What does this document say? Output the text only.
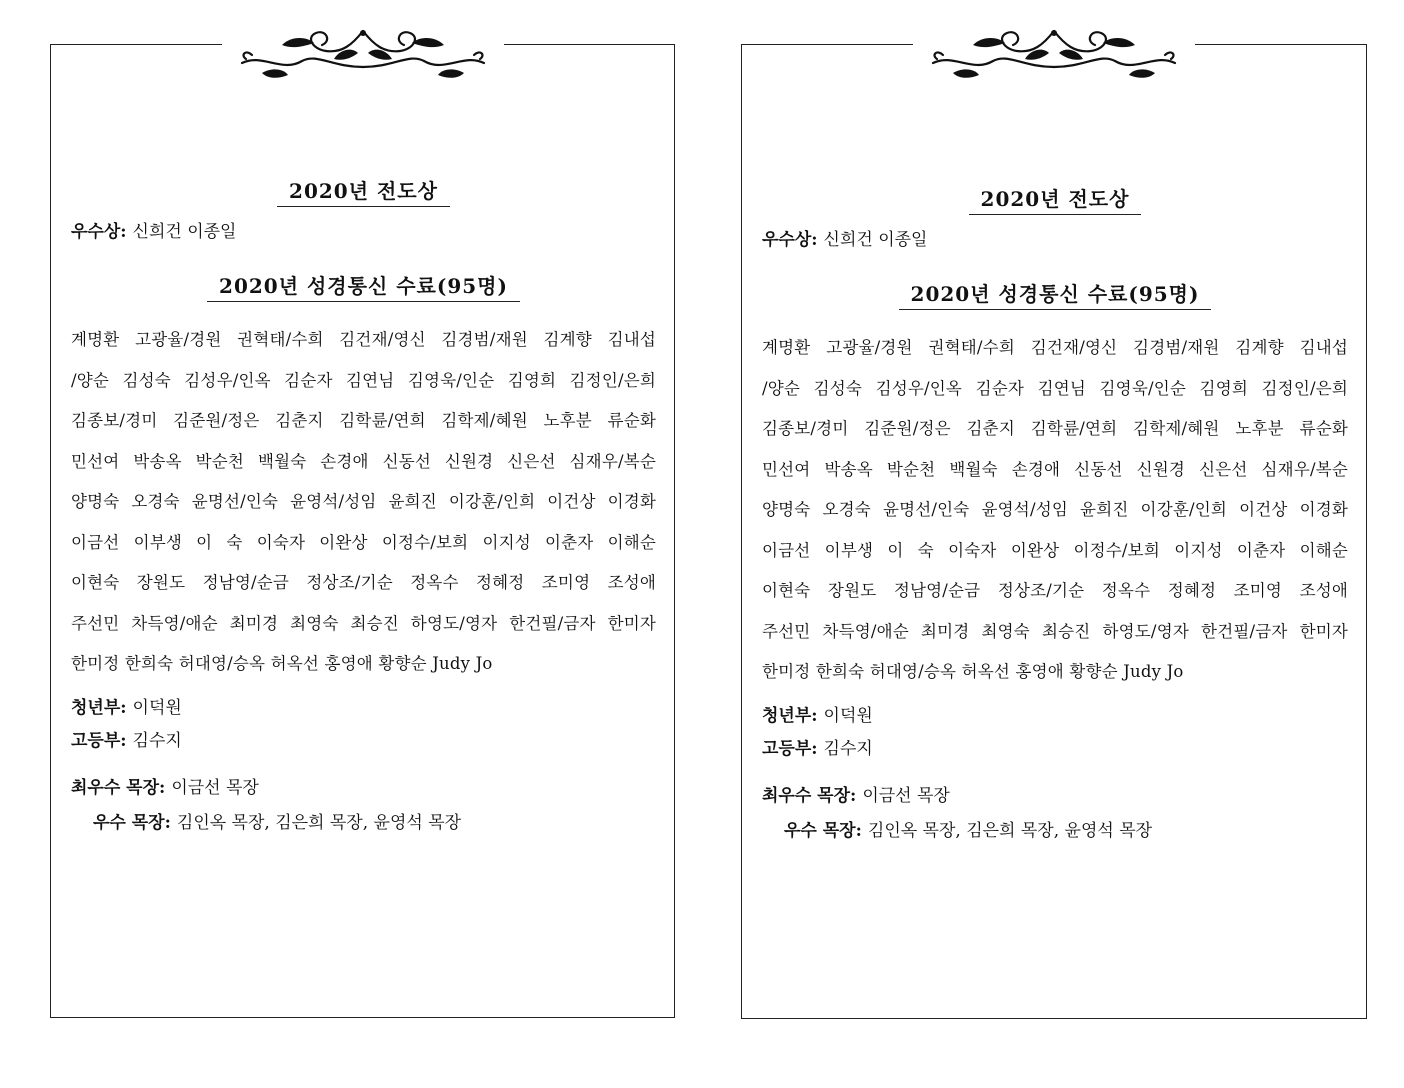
2020년 전도상
우수상: 신희건 이종일
2020년 성경통신 수료(95명)
계명환 고광율/경원 권혁태/수희 김건재/영신 김경범/재원 김계향 김내섭
/양순 김성숙 김성우/인옥 김순자 김연님 김영욱/인순 김영희 김정인/은희
김종보/경미 김준원/정은 김춘지 김학륜/연희 김학제/혜원 노후분 류순화
민선여 박송옥 박순천 백월숙 손경애 신동선 신원경 신은선 심재우/복순
양명숙 오경숙 윤명선/인숙 윤영석/성임 윤희진 이강훈/인희 이건상 이경화
이금선 이부생 이 숙 이숙자 이완상 이정수/보희 이지성 이춘자 이해순
이현숙 장원도 정남영/순금 정상조/기순 정옥수 정혜정 조미영 조성애
주선민 차득영/애순 최미경 최영숙 최승진 하영도/영자 한건필/금자 한미자
한미정 한희숙 허대영/승옥 허옥선 홍영애 황향순 Judy Jo
청년부: 이덕원
고등부: 김수지
최우수 목장: 이금선 목장
우수 목장: 김인옥 목장, 김은희 목장, 윤영석 목장
2020년 전도상
우수상: 신희건 이종일
2020년 성경통신 수료(95명)
계명환 고광율/경원 권혁태/수희 김건재/영신 김경범/재원 김계향 김내섭
/양순 김성숙 김성우/인옥 김순자 김연님 김영욱/인순 김영희 김정인/은희
김종보/경미 김준원/정은 김춘지 김학륜/연희 김학제/혜원 노후분 류순화
민선여 박송옥 박순천 백월숙 손경애 신동선 신원경 신은선 심재우/복순
양명숙 오경숙 윤명선/인숙 윤영석/성임 윤희진 이강훈/인희 이건상 이경화
이금선 이부생 이 숙 이숙자 이완상 이정수/보희 이지성 이춘자 이해순
이현숙 장원도 정남영/순금 정상조/기순 정옥수 정혜정 조미영 조성애
주선민 차득영/애순 최미경 최영숙 최승진 하영도/영자 한건필/금자 한미자
한미정 한희숙 허대영/승옥 허옥선 홍영애 황향순 Judy Jo
청년부: 이덕원
고등부: 김수지
최우수 목장: 이금선 목장
우수 목장: 김인옥 목장, 김은희 목장, 윤영석 목장
